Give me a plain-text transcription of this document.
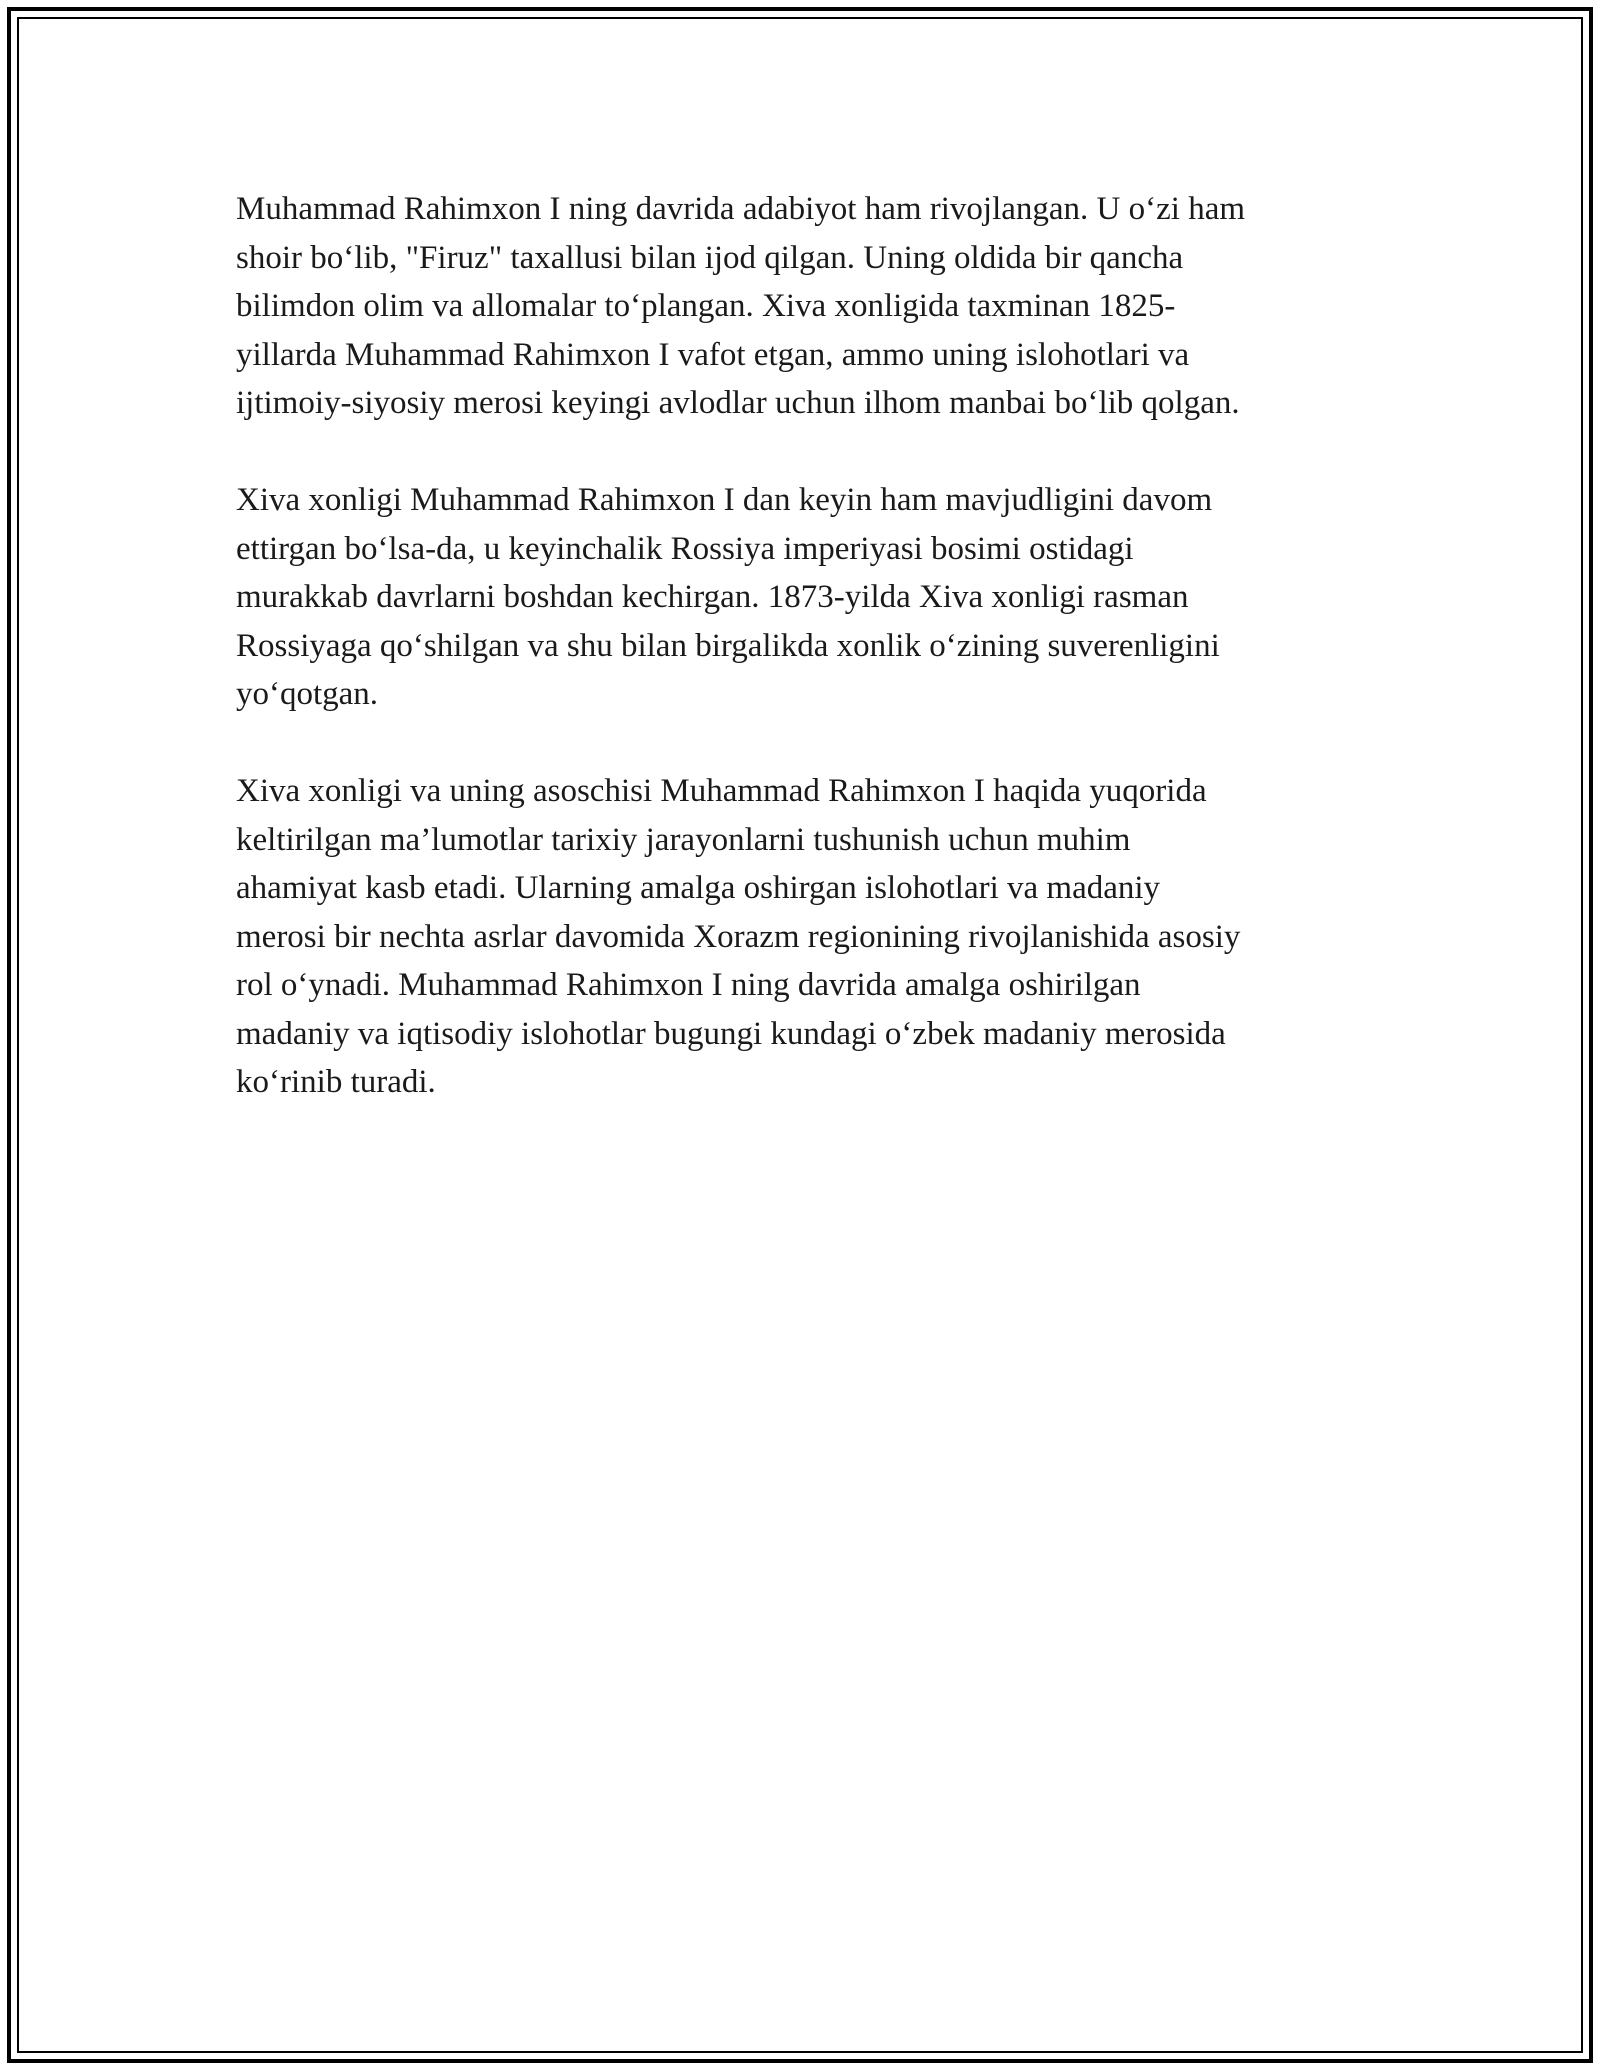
Muhammad Rahimxon I ning davrida adabiyot ham rivojlangan. U o‘zi ham
shoir bo‘lib, "Firuz" taxallusi bilan ijod qilgan. Uning oldida bir qancha
bilimdon olim va allomalar to‘plangan. Xiva xonligida taxminan 1825-
yillarda Muhammad Rahimxon I vafot etgan, ammo uning islohotlari va
ijtimoiy-siyosiy merosi keyingi avlodlar uchun ilhom manbai bo‘lib qolgan.

Xiva xonligi Muhammad Rahimxon I dan keyin ham mavjudligini davom
ettirgan bo‘lsa-da, u keyinchalik Rossiya imperiyasi bosimi ostidagi
murakkab davrlarni boshdan kechirgan. 1873-yilda Xiva xonligi rasman
Rossiyaga qo‘shilgan va shu bilan birgalikda xonlik o‘zining suverenligini
yo‘qotgan.

Xiva xonligi va uning asoschisi Muhammad Rahimxon I haqida yuqorida
keltirilgan ma’lumotlar tarixiy jarayonlarni tushunish uchun muhim
ahamiyat kasb etadi. Ularning amalga oshirgan islohotlari va madaniy
merosi bir nechta asrlar davomida Xorazm regionining rivojlanishida asosiy
rol o‘ynadi. Muhammad Rahimxon I ning davrida amalga oshirilgan
madaniy va iqtisodiy islohotlar bugungi kundagi o‘zbek madaniy merosida
ko‘rinib turadi.
